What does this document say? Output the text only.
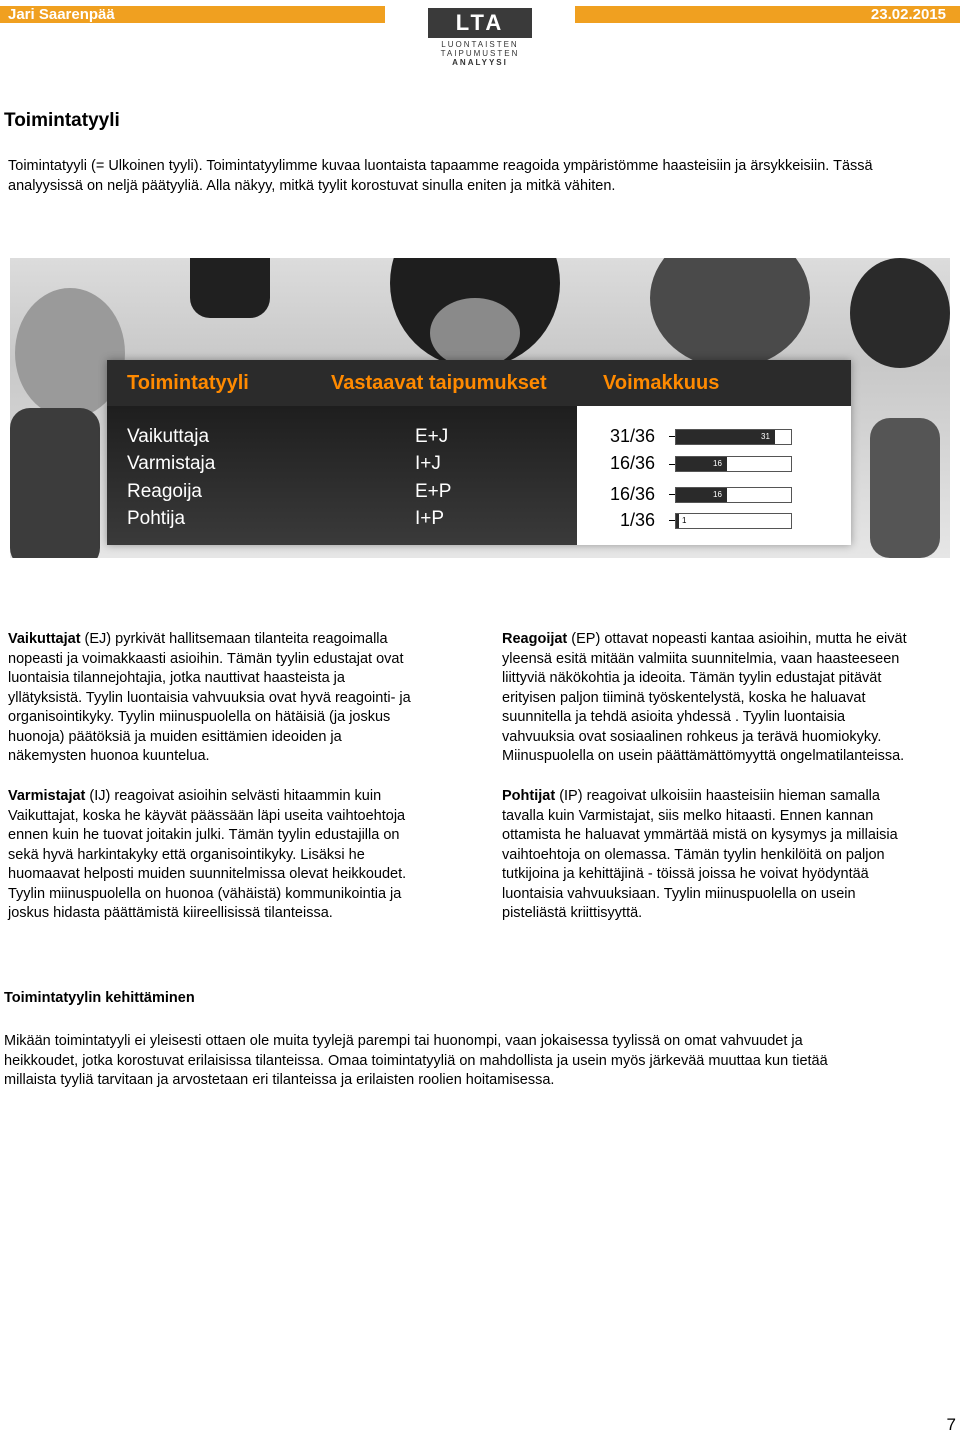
Jari Saarenpää	23.02.2015
LTA
LUONTAISTEN
TAIPUMUSTEN
ANALYYSI
Toimintatyyli
Toimintatyyli (= Ulkoinen tyyli). Toimintatyylimme kuvaa luontaista tapaamme reagoida ympäristömme haasteisiin ja ärsykkeisiin. Tässä
analyysissä on neljä päätyyliä. Alla näkyy, mitkä tyylit korostuvat sinulla eniten ja mitkä vähiten.
Toimintatyyli	Vastaavat taipumukset	Voimakkuus
Vaikuttaja	E+J	31/36	31
Varmistaja	I+J	16/36	16
Reagoija	E+P	16/36	16
Pohtija	I+P	1/36	1
Vaikuttajat (EJ) pyrkivät hallitsemaan tilanteita reagoimalla
nopeasti ja voimakkaasti asioihin. Tämän tyylin edustajat ovat
luontaisia tilannejohtajia, jotka nauttivat haasteista ja
yllätyksistä. Tyylin luontaisia vahvuuksia ovat hyvä reagointi- ja
organisointikyky. Tyylin miinuspuolella on hätäisiä (ja joskus
huonoja) päätöksiä ja muiden esittämien ideoiden ja
näkemysten huonoa kuuntelua.
Varmistajat (IJ) reagoivat asioihin selvästi hitaammin kuin
Vaikuttajat, koska he käyvät päässään läpi useita vaihtoehtoja
ennen kuin he tuovat joitakin julki. Tämän tyylin edustajilla on
sekä hyvä harkintakyky että organisointikyky. Lisäksi he
huomaavat helposti muiden suunnitelmissa olevat heikkoudet.
Tyylin miinuspuolella on huonoa (vähäistä) kommunikointia ja
joskus hidasta päättämistä kiireellisissä tilanteissa.
Reagoijat (EP) ottavat nopeasti kantaa asioihin, mutta he eivät
yleensä esitä mitään valmiita suunnitelmia, vaan haasteeseen
liittyviä näkökohtia ja ideoita. Tämän tyylin edustajat pitävät
erityisen paljon tiiminä työskentelystä, koska he haluavat
suunnitella ja tehdä asioita yhdessä . Tyylin luontaisia
vahvuuksia ovat sosiaalinen rohkeus ja terävä huomiokyky.
Miinuspuolella on usein päättämättömyyttä ongelmatilanteissa.
Pohtijat (IP) reagoivat ulkoisiin haasteisiin hieman samalla
tavalla kuin Varmistajat, siis melko hitaasti. Ennen kannan
ottamista he haluavat ymmärtää mistä on kysymys ja millaisia
vaihtoehtoja on olemassa. Tämän tyylin henkilöitä on paljon
tutkijoina ja kehittäjinä - töissä joissa he voivat hyödyntää
luontaisia vahvuuksiaan. Tyylin miinuspuolella on usein
pisteliästä kriittisyyttä.
Toimintatyylin kehittäminen
Mikään toimintatyyli ei yleisesti ottaen ole muita tyylejä parempi tai huonompi, vaan jokaisessa tyylissä on omat vahvuudet ja
heikkoudet, jotka korostuvat erilaisissa tilanteissa. Omaa toimintatyyliä on mahdollista ja usein myös järkevää muuttaa kun tietää
millaista tyyliä tarvitaan ja arvostetaan eri tilanteissa ja erilaisten roolien hoitamisessa.
7
